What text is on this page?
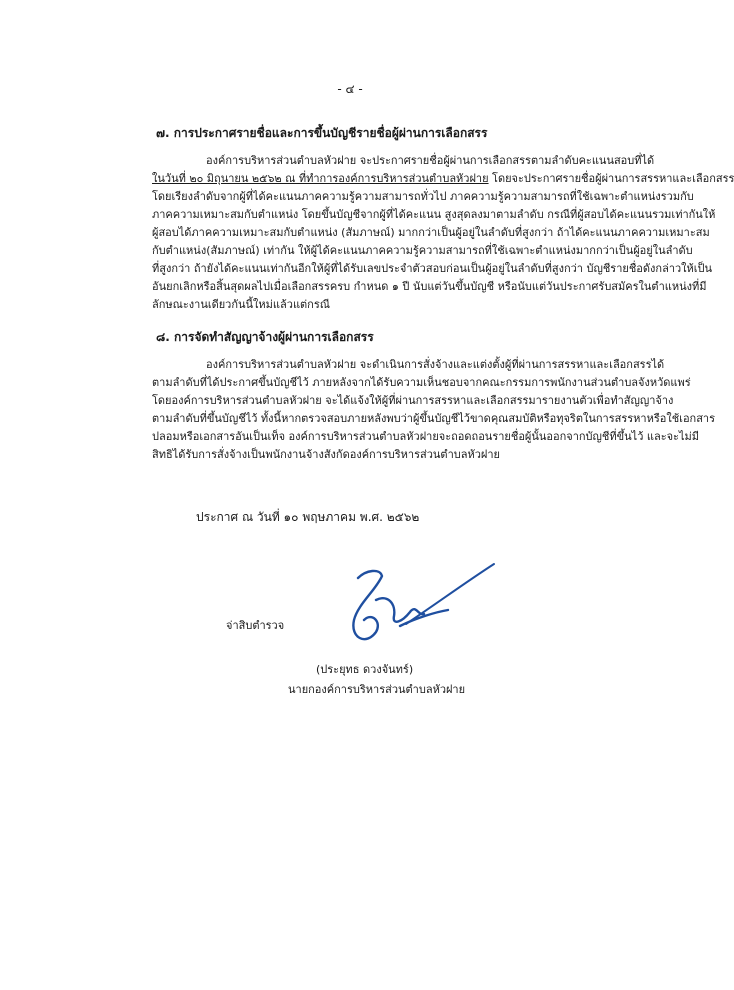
- ๔ -
๗. การประกาศรายชื่อและการขึ้นบัญชีรายชื่อผู้ผ่านการเลือกสรร
องค์การบริหารส่วนตำบลหัวฝาย จะประกาศรายชื่อผู้ผ่านการเลือกสรรตามลำดับคะแนนสอบที่ได้
ในวันที่ ๒๐ มิถุนายน ๒๕๖๒ ณ ที่ทำการองค์การบริหารส่วนตำบลหัวฝาย โดยจะประกาศรายชื่อผู้ผ่านการสรรหาและเลือกสรร
โดยเรียงลำดับจากผู้ที่ได้คะแนนภาคความรู้ความสามารถทั่วไป ภาคความรู้ความสามารถที่ใช้เฉพาะตำแหน่งรวมกับ
ภาคความเหมาะสมกับตำแหน่ง โดยขึ้นบัญชีจากผู้ที่ได้คะแนน สูงสุดลงมาตามลำดับ กรณีที่ผู้สอบได้คะแนนรวมเท่ากันให้
ผู้สอบได้ภาคความเหมาะสมกับตำแหน่ง (สัมภาษณ์) มากกว่าเป็นผู้อยู่ในลำดับที่สูงกว่า ถ้าได้คะแนนภาคความเหมาะสม
กับตำแหน่ง(สัมภาษณ์) เท่ากัน ให้ผู้ได้คะแนนภาคความรู้ความสามารถที่ใช้เฉพาะตำแหน่งมากกว่าเป็นผู้อยู่ในลำดับ
ที่สูงกว่า ถ้ายังได้คะแนนเท่ากันอีกให้ผู้ที่ได้รับเลขประจำตัวสอบก่อนเป็นผู้อยู่ในลำดับที่สูงกว่า บัญชีรายชื่อดังกล่าวให้เป็น
อันยกเลิกหรือสิ้นสุดผลไปเมื่อเลือกสรรครบ กำหนด ๑ ปี นับแต่วันขึ้นบัญชี หรือนับแต่วันประกาศรับสมัครในตำแหน่งที่มี
ลักษณะงานเดียวกันนี้ใหม่แล้วแต่กรณี
๘. การจัดทำสัญญาจ้างผู้ผ่านการเลือกสรร
องค์การบริหารส่วนตำบลหัวฝาย จะดำเนินการสั่งจ้างและแต่งตั้งผู้ที่ผ่านการสรรหาและเลือกสรรได้
ตามลำดับที่ได้ประกาศขึ้นบัญชีไว้ ภายหลังจากได้รับความเห็นชอบจากคณะกรรมการพนักงานส่วนตำบลจังหวัดแพร่
โดยองค์การบริหารส่วนตำบลหัวฝาย จะได้แจ้งให้ผู้ที่ผ่านการสรรหาและเลือกสรรมารายงานตัวเพื่อทำสัญญาจ้าง
ตามลำดับที่ขึ้นบัญชีไว้ ทั้งนี้หากตรวจสอบภายหลังพบว่าผู้ขึ้นบัญชีไว้ขาดคุณสมบัติหรือทุจริตในการสรรหาหรือใช้เอกสาร
ปลอมหรือเอกสารอันเป็นเท็จ องค์การบริหารส่วนตำบลหัวฝายจะถอดถอนรายชื่อผู้นั้นออกจากบัญชีที่ขึ้นไว้ และจะไม่มี
สิทธิได้รับการสั่งจ้างเป็นพนักงานจ้างสังกัดองค์การบริหารส่วนตำบลหัวฝาย
ประกาศ ณ วันที่ ๑๐ พฤษภาคม พ.ศ. ๒๕๖๒
จ่าสิบตำรวจ
(ประยุทธ ดวงจันทร์)
นายกองค์การบริหารส่วนตำบลหัวฝาย
